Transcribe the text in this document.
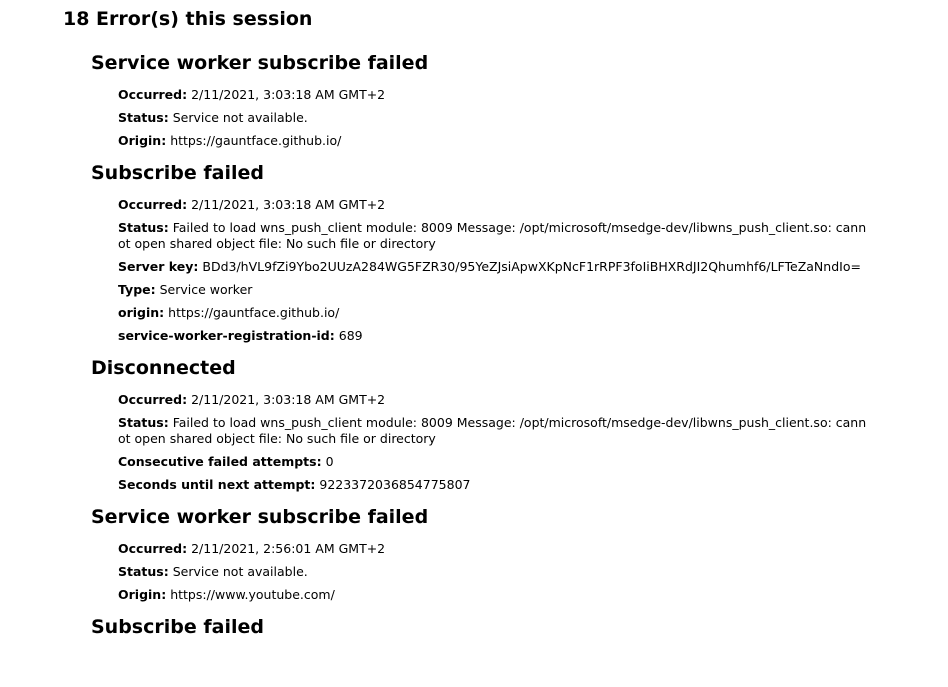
18 Error(s) this session
Service worker subscribe failed
Occurred: 2/11/2021, 3:03:18 AM GMT+2
Status: Service not available.
Origin: https://gauntface.github.io/
Subscribe failed
Occurred: 2/11/2021, 3:03:18 AM GMT+2
Status: Failed to load wns_push_client module: 8009 Message: /opt/microsoft/msedge-dev/libwns_push_client.so: cannot open shared object file: No such file or directory
Server key: BDd3/hVL9fZi9Ybo2UUzA284WG5FZR30/95YeZJsiApwXKpNcF1rRPF3foIiBHXRdJI2Qhumhf6/LFTeZaNndIo=
Type: Service worker
origin: https://gauntface.github.io/
service-worker-registration-id: 689
Disconnected
Occurred: 2/11/2021, 3:03:18 AM GMT+2
Status: Failed to load wns_push_client module: 8009 Message: /opt/microsoft/msedge-dev/libwns_push_client.so: cannot open shared object file: No such file or directory
Consecutive failed attempts: 0
Seconds until next attempt: 9223372036854775807
Service worker subscribe failed
Occurred: 2/11/2021, 2:56:01 AM GMT+2
Status: Service not available.
Origin: https://www.youtube.com/
Subscribe failed
